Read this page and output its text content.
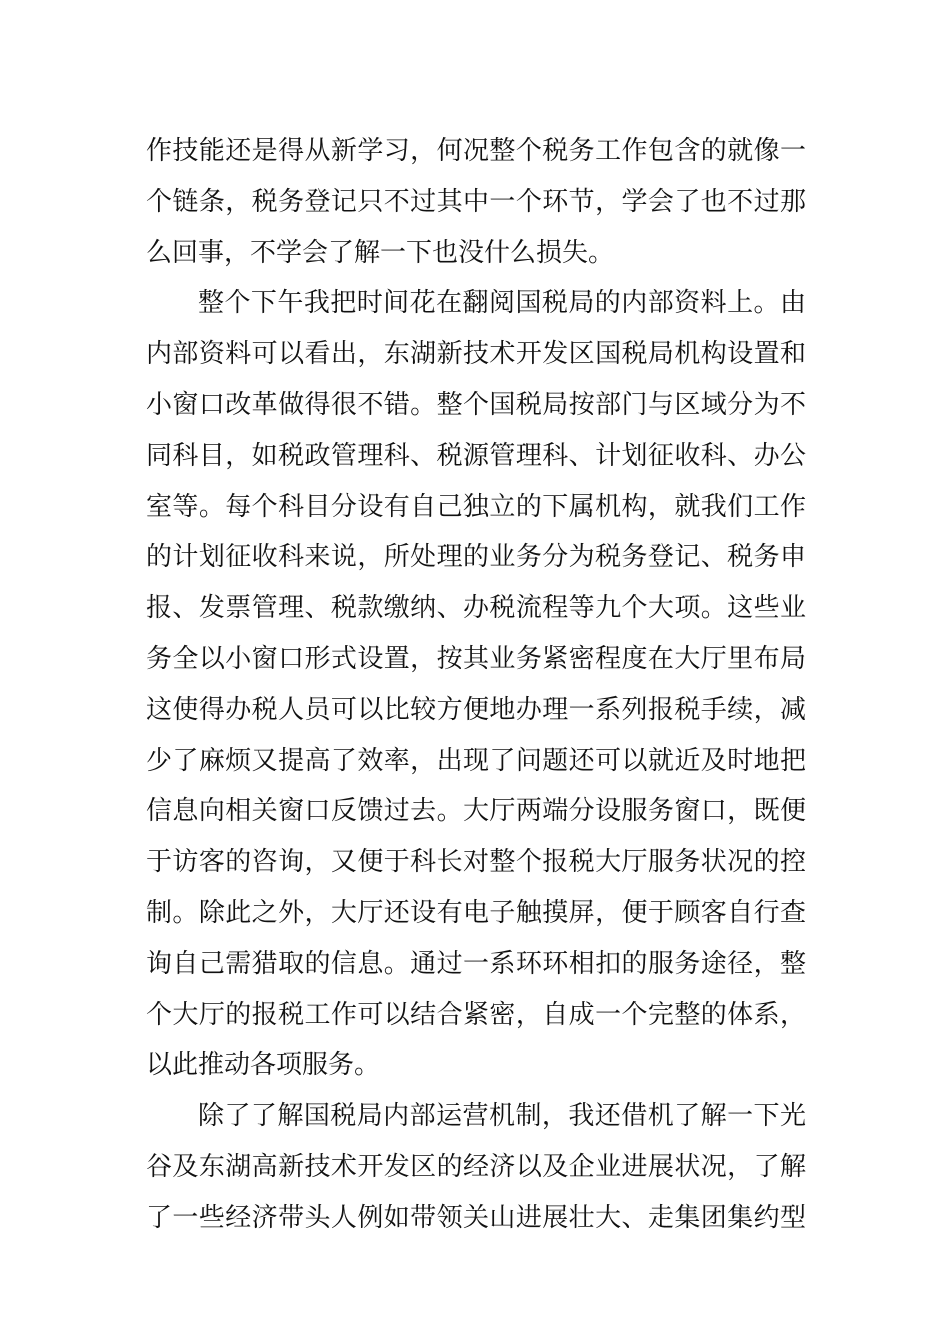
作技能还是得从新学习，何况整个税务工作包含的就像一
个链条，税务登记只不过其中一个环节，学会了也不过那
么回事，不学会了解一下也没什么损失。
整个下午我把时间花在翻阅国税局的内部资料上。由
内部资料可以看出，东湖新技术开发区国税局机构设置和
小窗口改革做得很不错。整个国税局按部门与区域分为不
同科目，如税政管理科、税源管理科、计划征收科、办公
室等。每个科目分设有自己独立的下属机构，就我们工作
的计划征收科来说，所处理的业务分为税务登记、税务申
报、发票管理、税款缴纳、办税流程等九个大项。这些业
务全以小窗口形式设置，按其业务紧密程度在大厅里布局
这使得办税人员可以比较方便地办理一系列报税手续，减
少了麻烦又提高了效率，出现了问题还可以就近及时地把
信息向相关窗口反馈过去。大厅两端分设服务窗口，既便
于访客的咨询，又便于科长对整个报税大厅服务状况的控
制。除此之外，大厅还设有电子触摸屏，便于顾客自行查
询自己需猎取的信息。通过一系环环相扣的服务途径，整
个大厅的报税工作可以结合紧密，自成一个完整的体系，
以此推动各项服务。
除了了解国税局内部运营机制，我还借机了解一下光
谷及东湖高新技术开发区的经济以及企业进展状况，了解
了一些经济带头人例如带领关山进展壮大、走集团集约型
